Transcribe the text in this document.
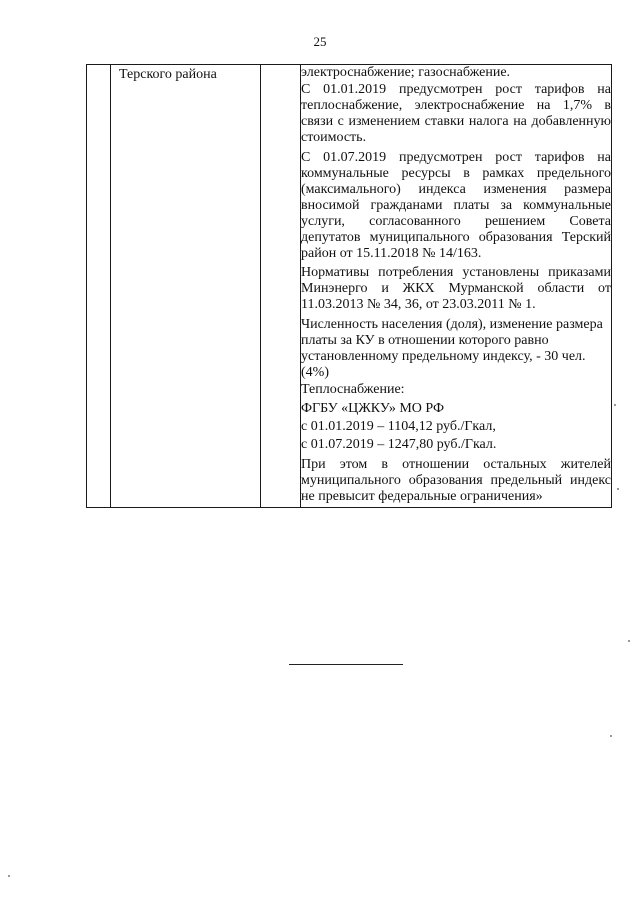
25

Терского района		электроснабжение; газоснабжение.

С 01.01.2019 предусмотрен рост тарифов на теплоснабжение, электроснабжение на 1,7% в связи с изменением ставки налога на добавленную стоимость.

С 01.07.2019 предусмотрен рост тарифов на коммунальные ресурсы в рамках предельного (максимального) индекса изменения размера вносимой гражданами платы за коммунальные услуги, согласованного решением Совета депутатов муниципального образования Терский район от 15.11.2018 № 14/163.

Нормативы потребления установлены приказами Минэнерго и ЖКХ Мурманской области от 11.03.2013 № 34, 36, от 23.03.2011 № 1.

Численность населения (доля), изменение размера платы за КУ в отношении которого равно установленному предельному индексу, - 30 чел. (4%)

Теплоснабжение:

ФГБУ «ЦЖКУ» МО РФ

с 01.01.2019 – 1104,12 руб./Гкал,

с 01.07.2019 – 1247,80 руб./Гкал.

При этом в отношении остальных жителей муниципального образования предельный индекс не превысит федеральные ограничения»
